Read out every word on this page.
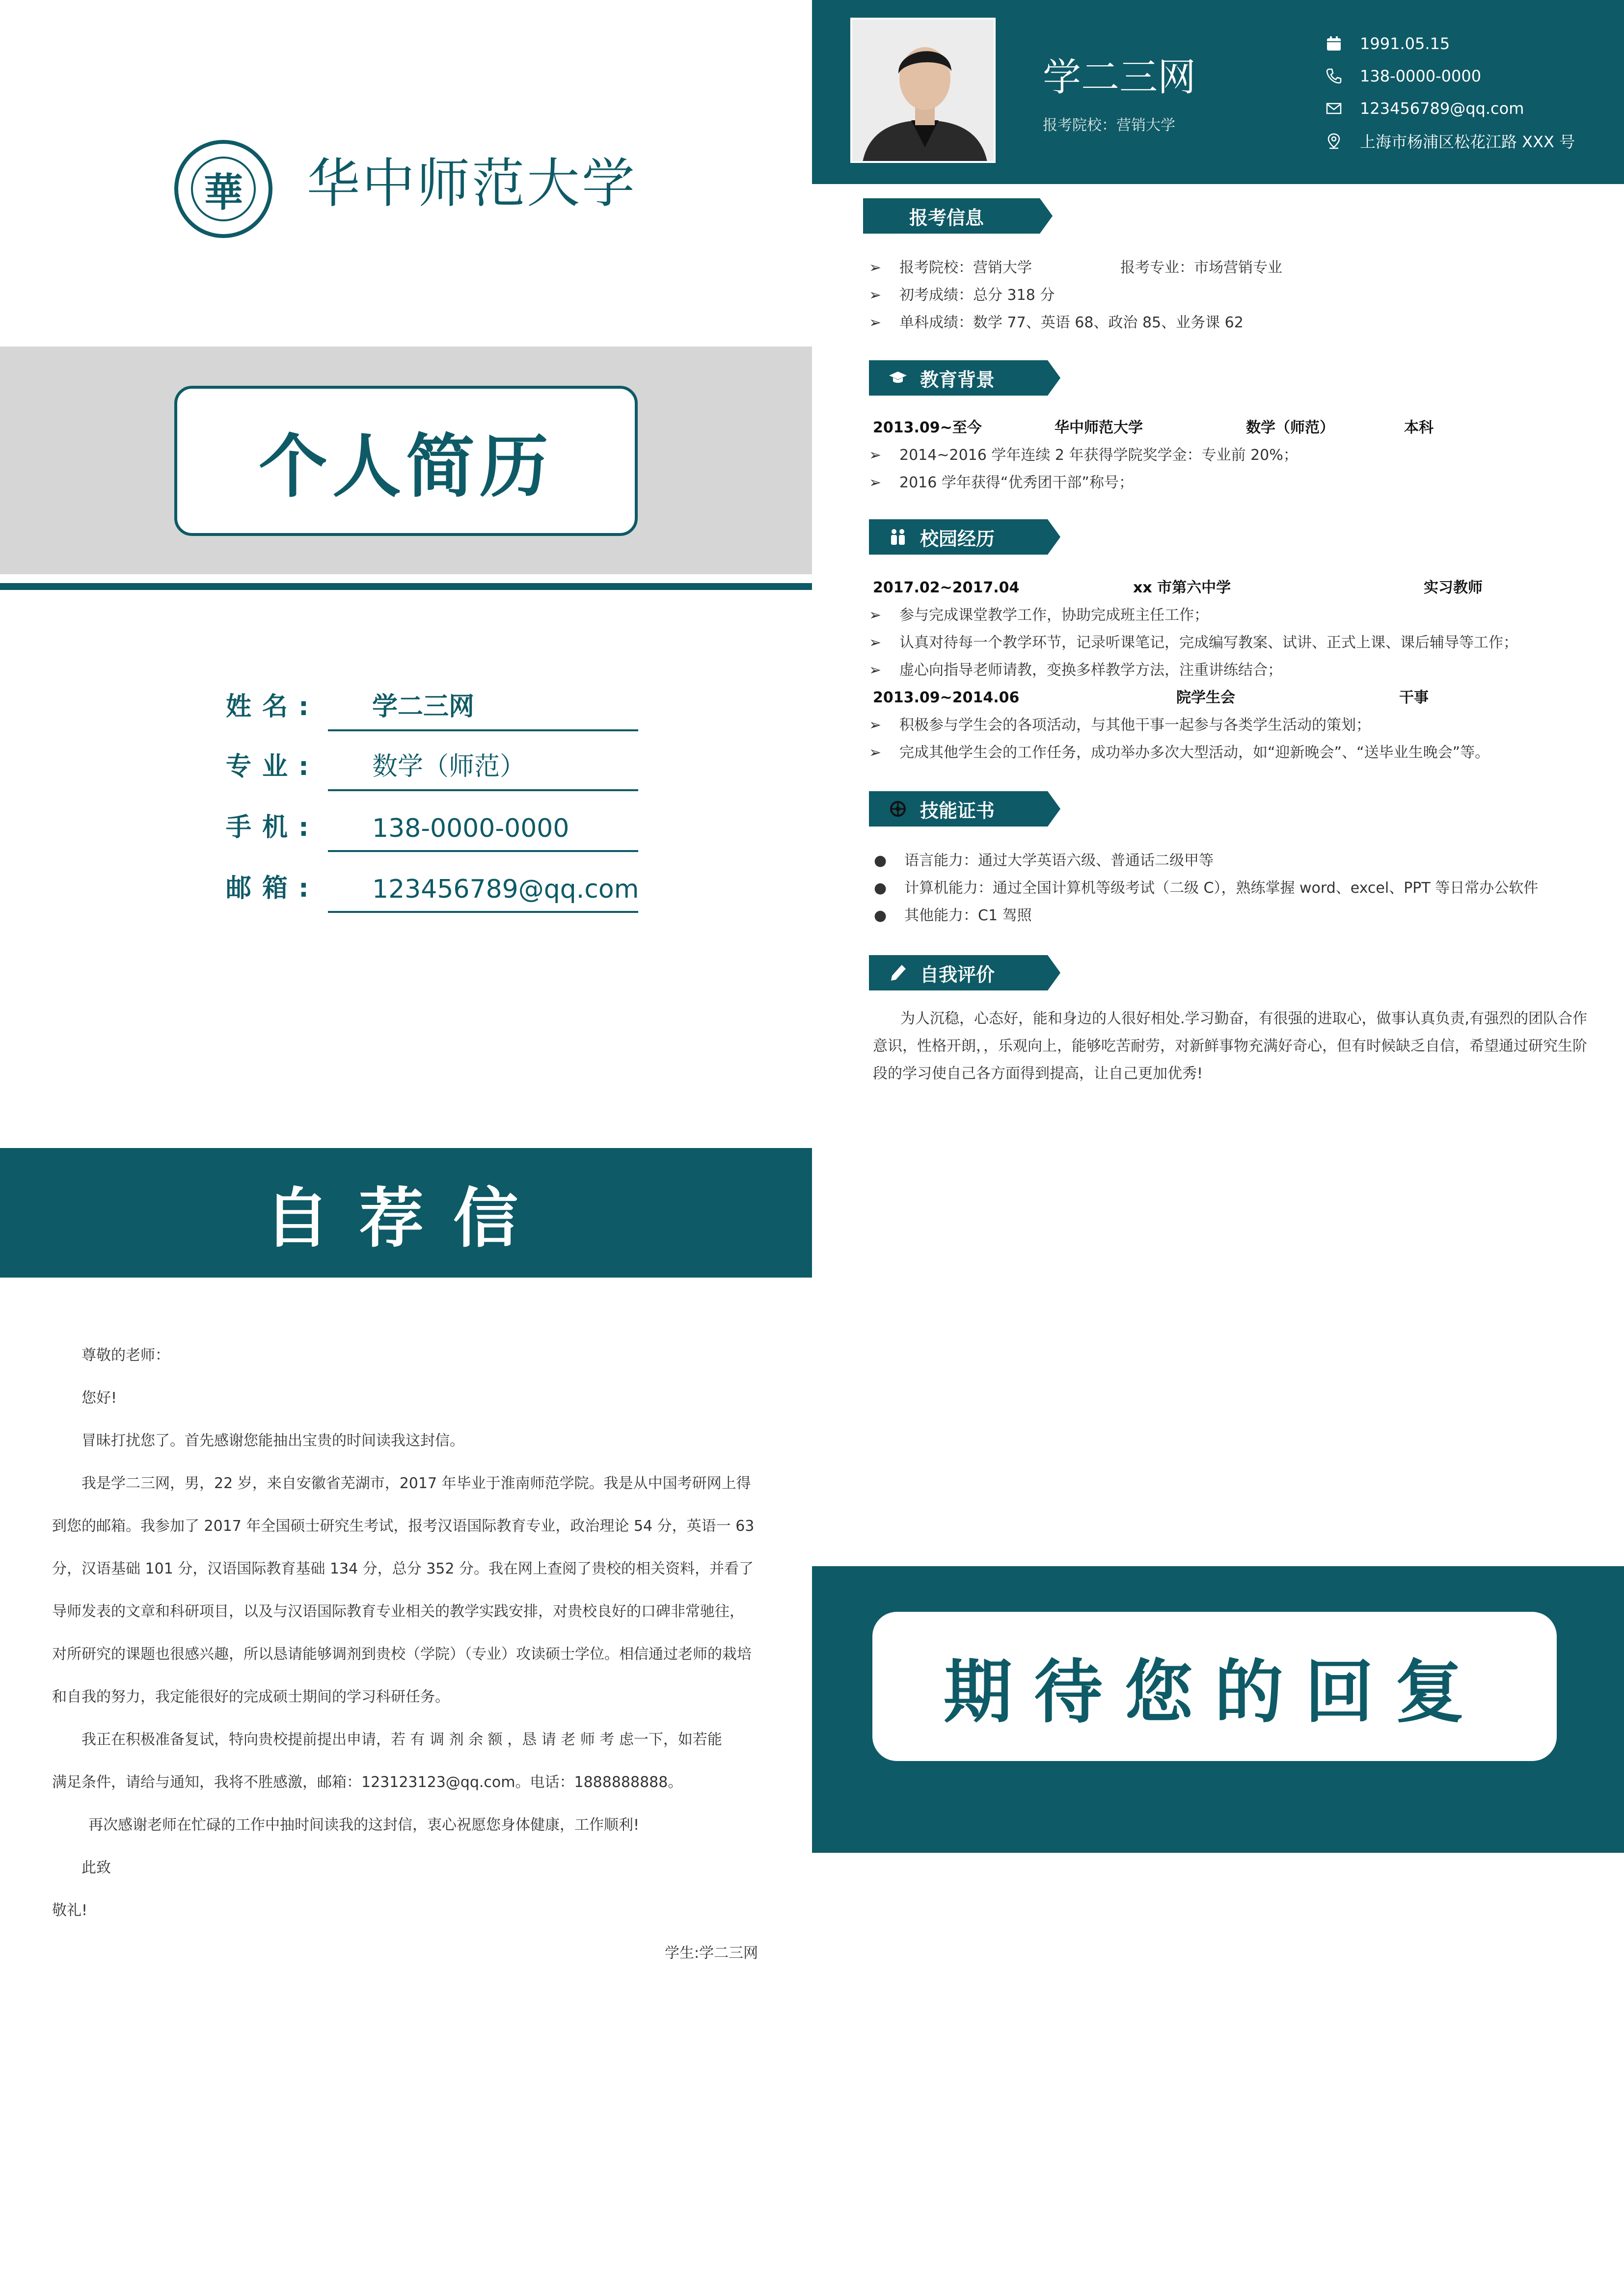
華 华中师范大学
个人简历
姓名: 学二三网
专业: 数学（师范）
手机: 138-0000-0000
邮箱: 123456789@qq.com
学二三网
报考院校：营销大学
1991.05.15
138-0000-0000
123456789@qq.com
上海市杨浦区松花江路 XXX 号
报考信息
➢ 报考院校：营销大学	报考专业：市场营销专业
➢ 初考成绩：总分 318 分
➢ 单科成绩：数学 77、英语 68、政治 85、业务课 62
教育背景
2013.09~至今	华中师范大学	数学（师范）	本科
➢ 2014~2016 学年连续 2 年获得学院奖学金：专业前 20%；
➢ 2016 学年获得“优秀团干部”称号；
校园经历
2017.02~2017.04	xx 市第六中学	实习教师
➢ 参与完成课堂教学工作，协助完成班主任工作；
➢ 认真对待每一个教学环节，记录听课笔记，完成编写教案、试讲、正式上课、课后辅导等工作；
➢ 虚心向指导老师请教，变换多样教学方法，注重讲练结合；
2013.09~2014.06	院学生会	干事
➢ 积极参与学生会的各项活动，与其他干事一起参与各类学生活动的策划；
➢ 完成其他学生会的工作任务，成功举办多次大型活动，如“迎新晚会”、“送毕业生晚会”等。
技能证书
● 语言能力：通过大学英语六级、普通话二级甲等
● 计算机能力：通过全国计算机等级考试（二级 C），熟练掌握 word、excel、PPT 等日常办公软件
● 其他能力：C1 驾照
自我评价
为人沉稳，心态好，能和身边的人很好相处.学习勤奋，有很强的进取心，做事认真负责,有强烈的团队合作
意识，性格开朗，，乐观向上，能够吃苦耐劳，对新鲜事物充满好奇心，但有时候缺乏自信，希望通过研究生阶
段的学习使自己各方面得到提高，让自己更加优秀!
自荐信
尊敬的老师：
您好!
冒昧打扰您了。首先感谢您能抽出宝贵的时间读我这封信。
我是学二三网，男，22 岁，来自安徽省芜湖市，2017 年毕业于淮南师范学院。我是从中国考研网上得
到您的邮箱。我参加了 2017 年全国硕士研究生考试，报考汉语国际教育专业，政治理论 54 分，英语一 63
分，汉语基础 101 分，汉语国际教育基础 134 分，总分 352 分。我在网上查阅了贵校的相关资料，并看了
导师发表的文章和科研项目，以及与汉语国际教育专业相关的教学实践安排，对贵校良好的口碑非常驰往，
对所研究的课题也很感兴趣，所以恳请能够调剂到贵校（学院）（专业）攻读硕士学位。相信通过老师的栽培
和自我的努力，我定能很好的完成硕士期间的学习科研任务。
我正在积极准备复试，特向贵校提前提出申请，若 有 调 剂 余 额 ，恳 请 老 师 考 虑一下，如若能
满足条件，请给与通知，我将不胜感激，邮箱：123123123@qq.com。电话：1888888888。
再次感谢老师在忙碌的工作中抽时间读我的这封信，衷心祝愿您身体健康，工作顺利!
此致
敬礼!
学生:学二三网
期待您的回复
